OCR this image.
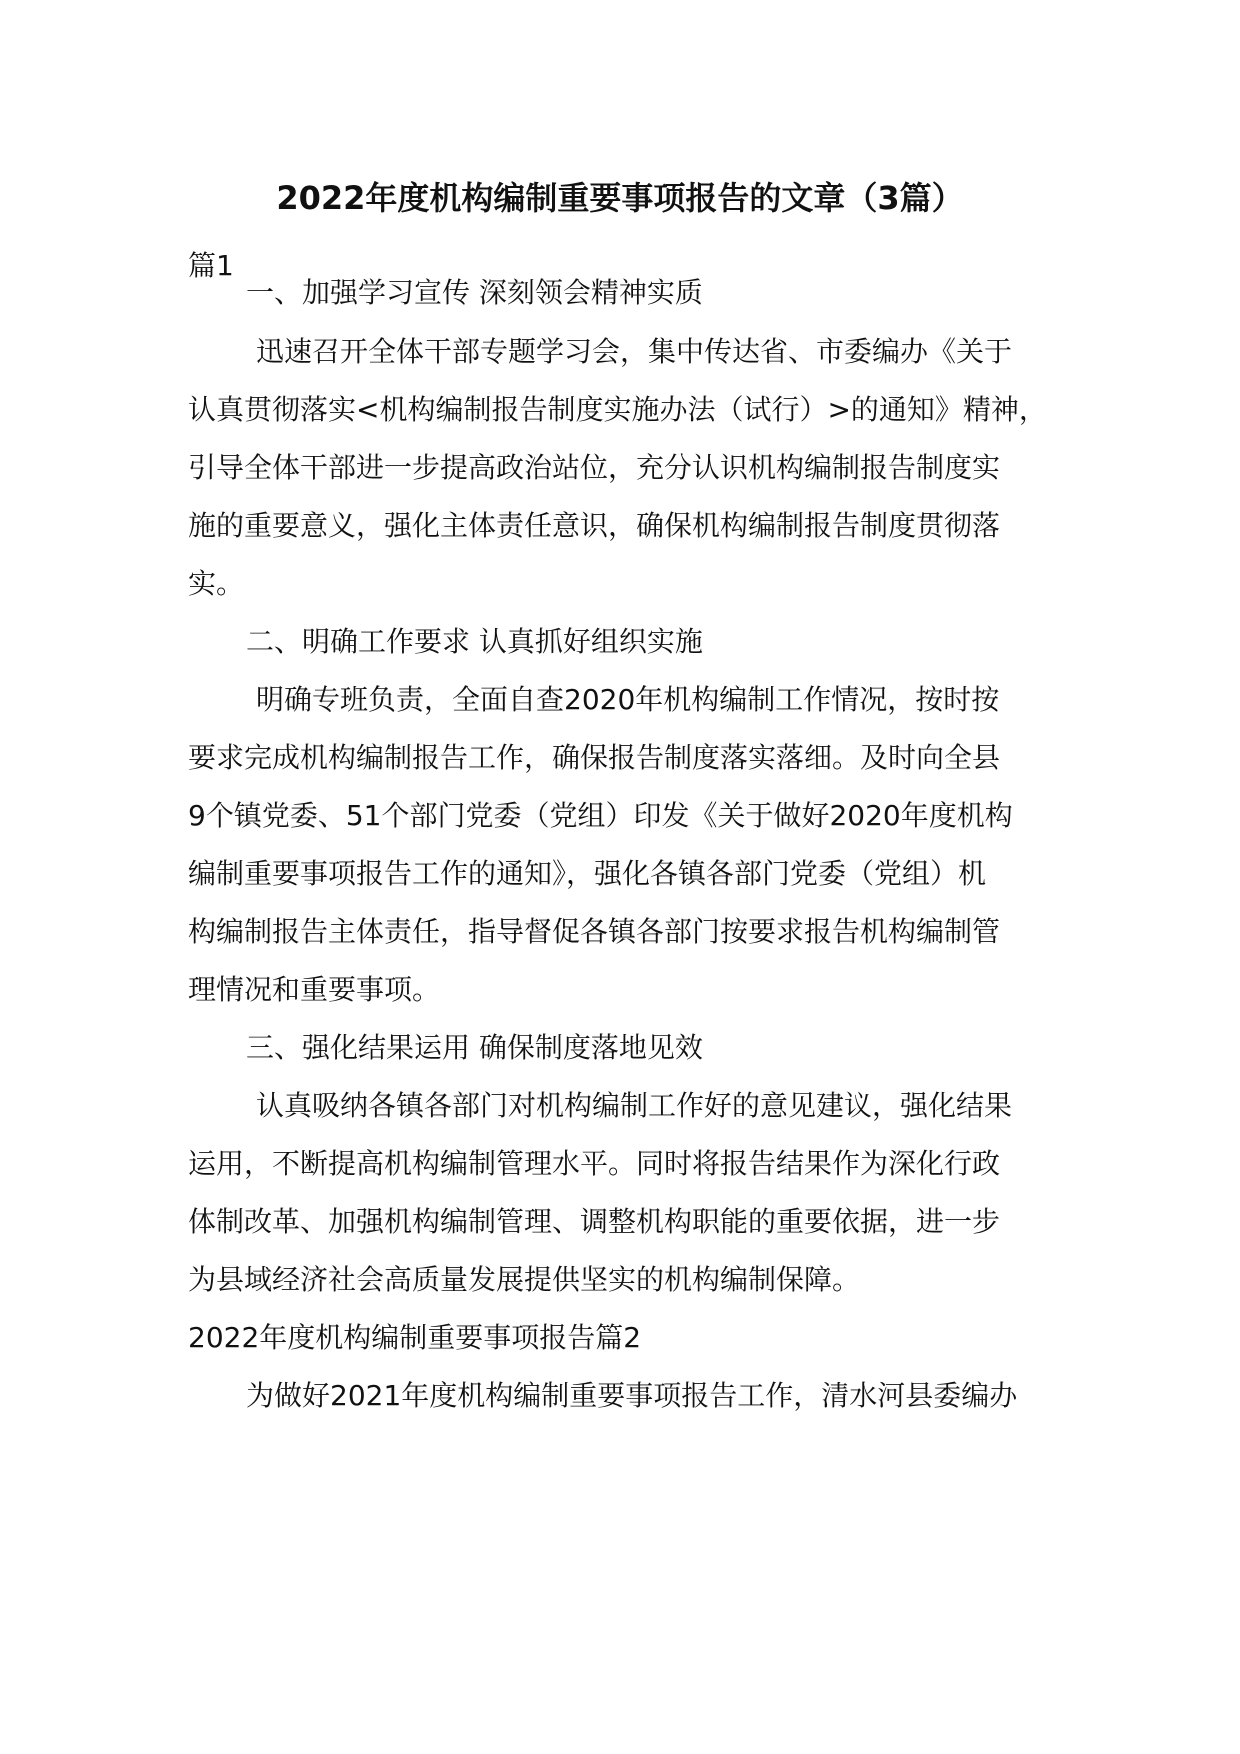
2022年度机构编制重要事项报告的文章（3篇）
篇1
一、加强学习宣传 深刻领会精神实质
迅速召开全体干部专题学习会，集中传达省、市委编办《关于
认真贯彻落实<机构编制报告制度实施办法（试行）>的通知》精神，
引导全体干部进一步提高政治站位，充分认识机构编制报告制度实
施的重要意义，强化主体责任意识，确保机构编制报告制度贯彻落
实。
二、明确工作要求 认真抓好组织实施
明确专班负责，全面自查2020年机构编制工作情况，按时按
要求完成机构编制报告工作，确保报告制度落实落细。及时向全县
9个镇党委、51个部门党委（党组）印发《关于做好2020年度机构
编制重要事项报告工作的通知》，强化各镇各部门党委（党组）机
构编制报告主体责任，指导督促各镇各部门按要求报告机构编制管
理情况和重要事项。
三、强化结果运用 确保制度落地见效
认真吸纳各镇各部门对机构编制工作好的意见建议，强化结果
运用，不断提高机构编制管理水平。同时将报告结果作为深化行政
体制改革、加强机构编制管理、调整机构职能的重要依据，进一步
为县域经济社会高质量发展提供坚实的机构编制保障。
2022年度机构编制重要事项报告篇2
为做好2021年度机构编制重要事项报告工作，清水河县委编办
